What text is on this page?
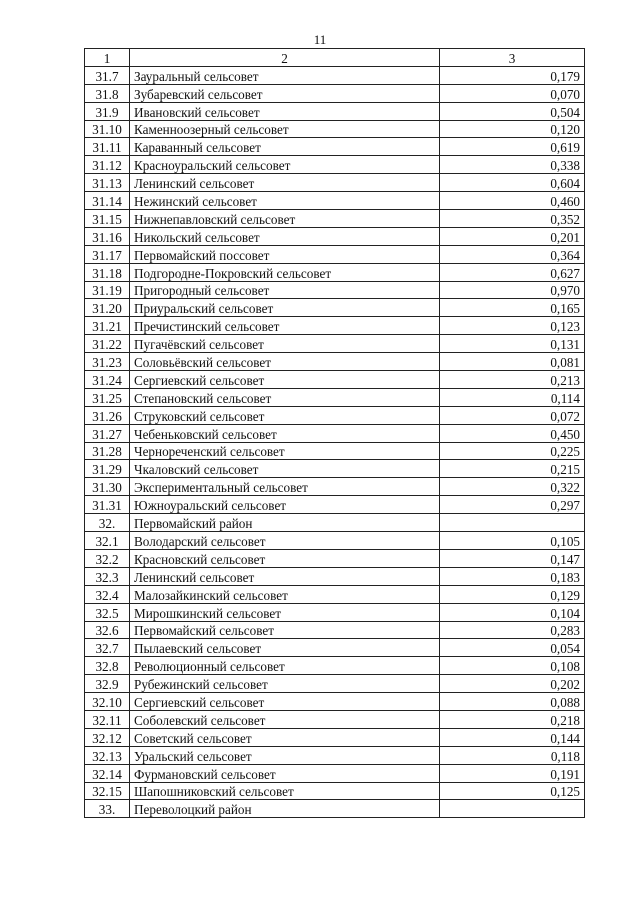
11
1	2	3
31.7	Зауральный сельсовет	0,179
31.8	Зубаревский сельсовет	0,070
31.9	Ивановский сельсовет	0,504
31.10	Каменноозерный сельсовет	0,120
31.11	Караванный сельсовет	0,619
31.12	Красноуральский сельсовет	0,338
31.13	Ленинский сельсовет	0,604
31.14	Нежинский сельсовет	0,460
31.15	Нижнепавловский сельсовет	0,352
31.16	Никольский сельсовет	0,201
31.17	Первомайский поссовет	0,364
31.18	Подгородне-Покровский сельсовет	0,627
31.19	Пригородный сельсовет	0,970
31.20	Приуральский сельсовет	0,165
31.21	Пречистинский сельсовет	0,123
31.22	Пугачёвский сельсовет	0,131
31.23	Соловьёвский сельсовет	0,081
31.24	Сергиевский сельсовет	0,213
31.25	Степановский сельсовет	0,114
31.26	Струковский сельсовет	0,072
31.27	Чебеньковский сельсовет	0,450
31.28	Чернореченский сельсовет	0,225
31.29	Чкаловский сельсовет	0,215
31.30	Экспериментальный сельсовет	0,322
31.31	Южноуральский сельсовет	0,297
32.	Первомайский район	
32.1	Володарский сельсовет	0,105
32.2	Красновский сельсовет	0,147
32.3	Ленинский сельсовет	0,183
32.4	Малозайкинский сельсовет	0,129
32.5	Мирошкинский сельсовет	0,104
32.6	Первомайский сельсовет	0,283
32.7	Пылаевский сельсовет	0,054
32.8	Революционный сельсовет	0,108
32.9	Рубежинский сельсовет	0,202
32.10	Сергиевский сельсовет	0,088
32.11	Соболевский сельсовет	0,218
32.12	Советский сельсовет	0,144
32.13	Уральский сельсовет	0,118
32.14	Фурмановский сельсовет	0,191
32.15	Шапошниковский сельсовет	0,125
33.	Переволоцкий район	
